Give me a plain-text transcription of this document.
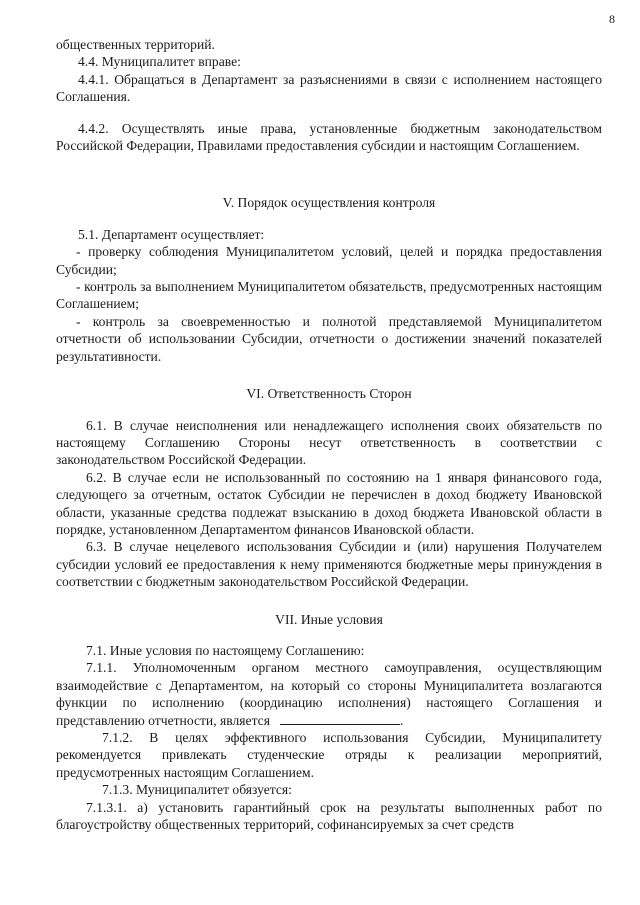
8

общественных территорий.

4.4. Муниципалитет вправе:

4.4.1. Обращаться в Департамент за разъяснениями в связи с исполнением настоящего Соглашения.

4.4.2. Осуществлять иные права, установленные бюджетным законодательством Российской Федерации, Правилами предоставления субсидии и настоящим Соглашением.

V. Порядок осуществления контроля

5.1. Департамент осуществляет:

- проверку соблюдения Муниципалитетом условий, целей и порядка предоставления Субсидии;

- контроль за выполнением Муниципалитетом обязательств, предусмотренных настоящим Соглашением;

- контроль за своевременностью и полнотой представляемой Муниципалитетом отчетности об использовании Субсидии, отчетности о достижении значений показателей результативности.

VI. Ответственность Сторон

6.1. В случае неисполнения или ненадлежащего исполнения своих обязательств по настоящему Соглашению Стороны несут ответственность в соответствии с законодательством Российской Федерации.

6.2. В случае если не использованный по состоянию на 1 января финансового года, следующего за отчетным, остаток Субсидии не перечислен в доход бюджету Ивановской области, указанные средства подлежат взысканию в доход бюджета Ивановской области в порядке, установленном Департаментом финансов Ивановской области.

6.3. В случае нецелевого использования Субсидии и (или) нарушения Получателем субсидии условий ее предоставления к нему применяются бюджетные меры принуждения в соответствии с бюджетным законодательством Российской Федерации.

VII. Иные условия

7.1. Иные условия по настоящему Соглашению:

7.1.1. Уполномоченным органом местного самоуправления, осуществляющим взаимодействие с Департаментом, на который со стороны Муниципалитета возлагаются функции по исполнению (координацию исполнения) настоящего Соглашения и представлению отчетности, является	.

7.1.2. В целях эффективного использования Субсидии, Муниципалитету рекомендуется привлекать студенческие отряды к реализации мероприятий, предусмотренных настоящим Соглашением.

7.1.3. Муниципалитет обязуется:

7.1.3.1. а) установить гарантийный срок на результаты выполненных работ по благоустройству общественных территорий, софинансируемых за счет средств
